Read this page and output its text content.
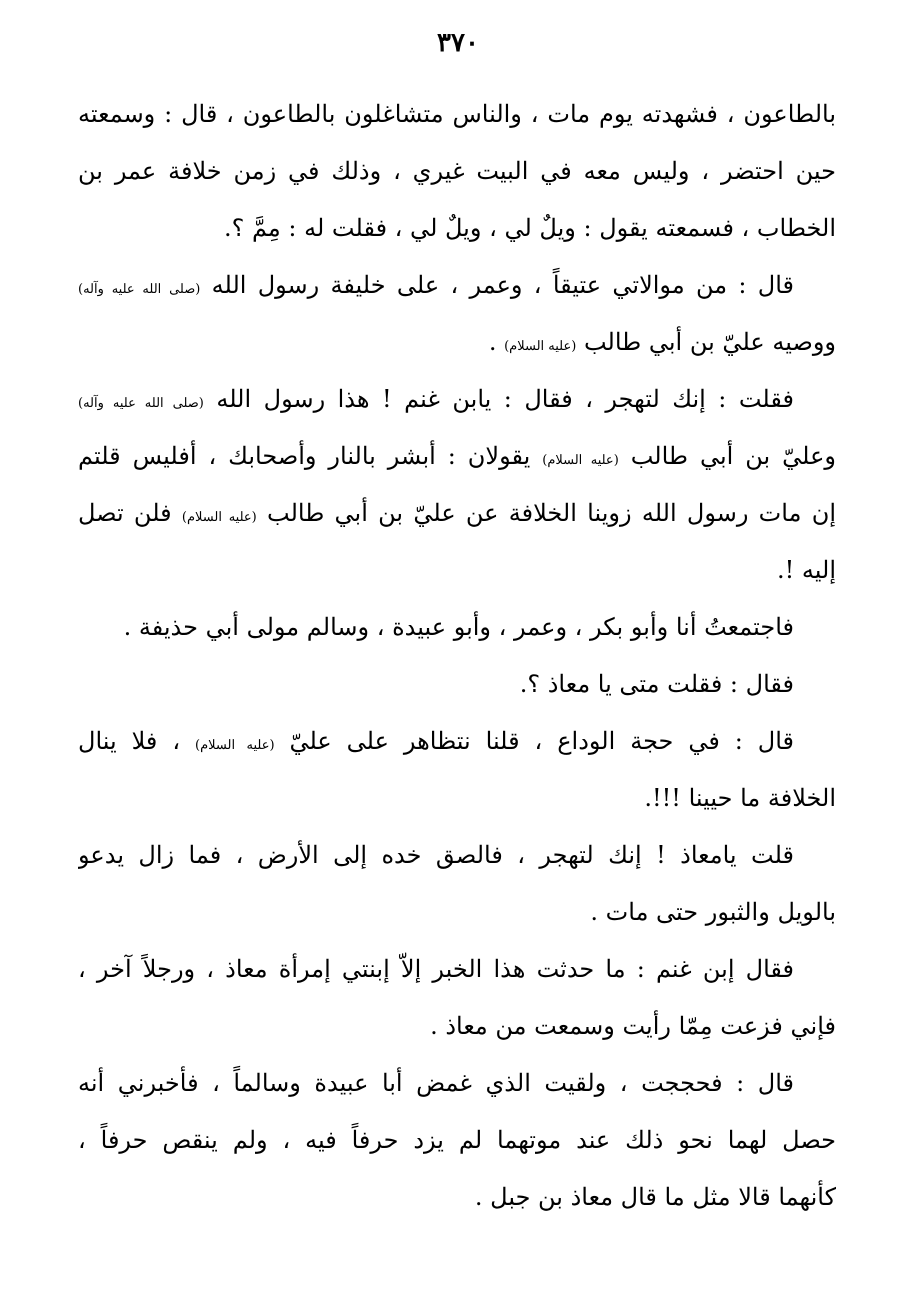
٣٧٠
بالطاعون ، فشهدته يوم مات ، والناس متشاغلون بالطاعون ، قال : وسمعته
حين احتضر ، وليس معه في البيت غيري ، وذلك في زمن خلافة عمر بن
الخطاب ، فسمعته يقول : ويلٌ لي ، ويلٌ لي ، فقلت له : مِمَّ ؟.
قال : من موالاتي عتيقاً ، وعمر ، على خليفة رسول الله (صلى الله عليه وآله)
ووصيه عليّ بن أبي طالب (عليه السلام) .
فقلت : إنك لتهجر ، فقال : يابن غنم ! هذا رسول الله (صلى الله عليه وآله)
وعليّ بن أبي طالب (عليه السلام) يقولان : أبشر بالنار وأصحابك ، أفليس قلتم
إن مات رسول الله زوينا الخلافة عن عليّ بن أبي طالب (عليه السلام) فلن تصل
إليه !.
فاجتمعتُ أنا وأبو بكر ، وعمر ، وأبو عبيدة ، وسالم مولى أبي حذيفة .
فقال : فقلت متى يا معاذ ؟.
قال : في حجة الوداع ، قلنا نتظاهر على عليّ (عليه السلام) ، فلا ينال
الخلافة ما حيينا !!!.
قلت يامعاذ ! إنك لتهجر ، فالصق خده إلى الأرض ، فما زال يدعو
بالويل والثبور حتى مات .
فقال إبن غنم : ما حدثت هذا الخبر إلاّ إبنتي إمرأة معاذ ، ورجلاً آخر ،
فإني فزعت مِمّا رأيت وسمعت من معاذ .
قال : فحججت ، ولقيت الذي غمض أبا عبيدة وسالماً ، فأخبرني أنه
حصل لهما نحو ذلك عند موتهما لم يزد حرفاً فيه ، ولم ينقص حرفاً ،
كأنهما قالا مثل ما قال معاذ بن جبل .
